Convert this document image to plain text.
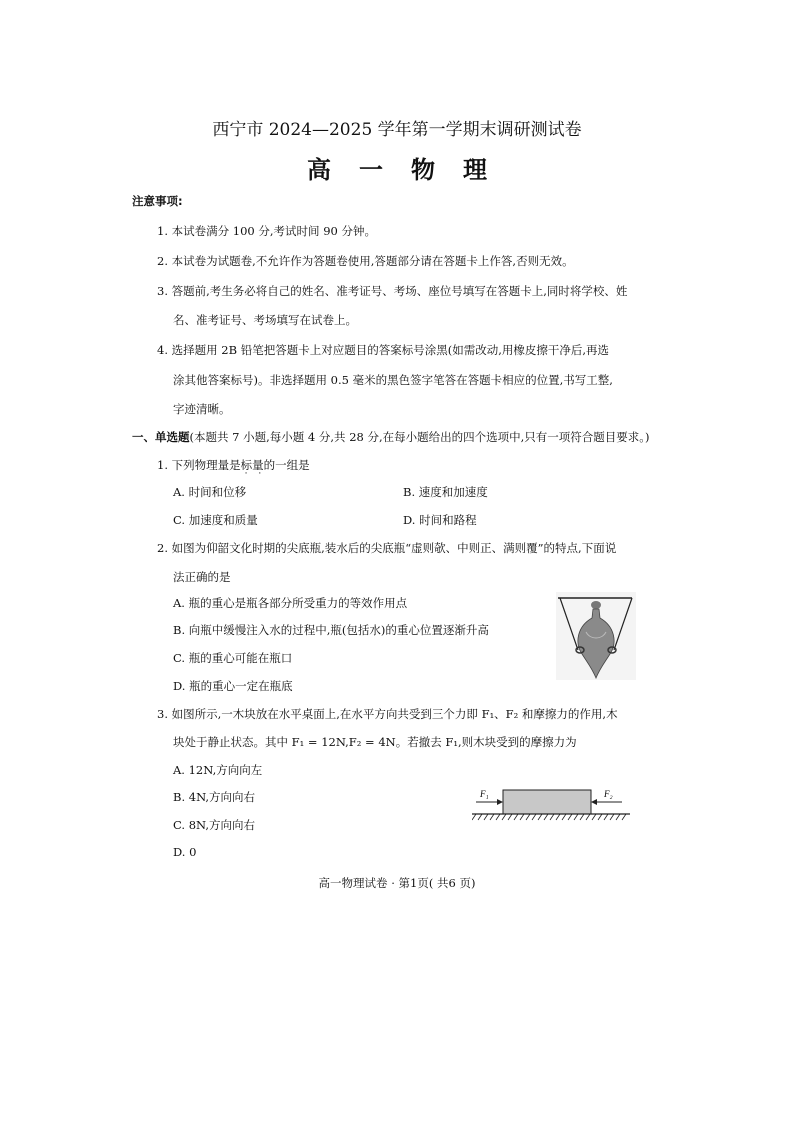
西宁市 2024—2025 学年第一学期末调研测试卷
高一物理
注意事项:
1. 本试卷满分 100 分,考试时间 90 分钟。
2. 本试卷为试题卷,不允许作为答题卷使用,答题部分请在答题卡上作答,否则无效。
3. 答题前,考生务必将自己的姓名、准考证号、考场、座位号填写在答题卡上,同时将学校、姓
名、准考证号、考场填写在试卷上。
4. 选择题用 2B 铅笔把答题卡上对应题目的答案标号涂黑(如需改动,用橡皮擦干净后,再选
涂其他答案标号)。非选择题用 0.5 毫米的黑色签字笔答在答题卡相应的位置,书写工整,
字迹清晰。
一、单选题(本题共 7 小题,每小题 4 分,共 28 分,在每小题给出的四个选项中,只有一项符合题目要求。)
1. 下列物理量是标量 · ·的一组是
A. 时间和位移	B. 速度和加速度
C. 加速度和质量	D. 时间和路程
2. 如图为仰韶文化时期的尖底瓶,装水后的尖底瓶“虚则欹、中则正、满则覆”的特点,下面说
法正确的是
A. 瓶的重心是瓶各部分所受重力的等效作用点
B. 向瓶中缓慢注入水的过程中,瓶(包括水)的重心位置逐渐升高
C. 瓶的重心可能在瓶口
D. 瓶的重心一定在瓶底
3. 如图所示,一木块放在水平桌面上,在水平方向共受到三个力即 F₁、F₂ 和摩擦力的作用,木
块处于静止状态。其中 F₁ = 12N,F₂ = 4N。若撤去 F₁,则木块受到的摩擦力为
A. 12N,方向向左
B. 4N,方向向右
C. 8N,方向向右
D. 0
F₁	F₂
高一物理试卷 · 第1页( 共6 页)
